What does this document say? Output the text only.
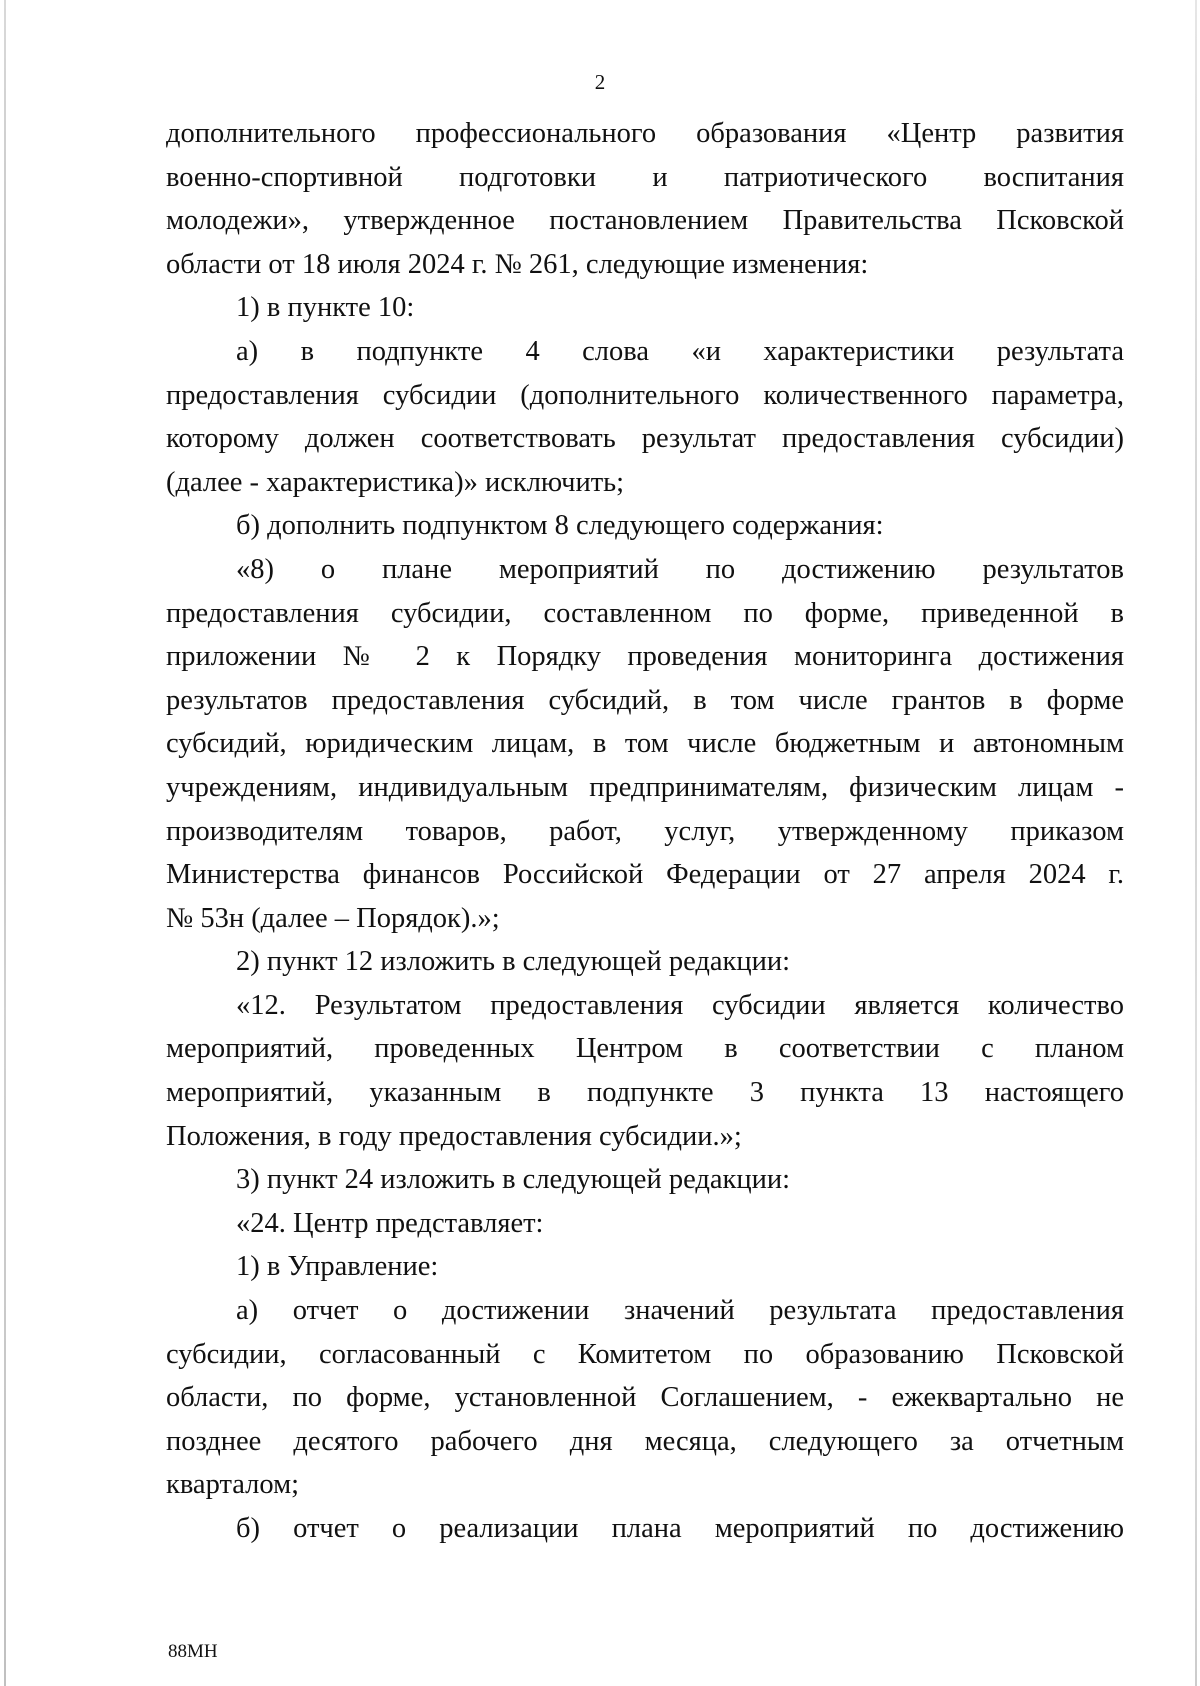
2
дополнительного профессионального образования «Центр развития
военно-спортивной подготовки и патриотического воспитания
молодежи», утвержденное постановлением Правительства Псковской
области от 18 июля 2024 г. № 261, следующие изменения:
1) в пункте 10:
а) в подпункте 4 слова «и характеристики результата
предоставления субсидии (дополнительного количественного параметра,
которому должен соответствовать результат предоставления субсидии)
(далее - характеристика)» исключить;
б) дополнить подпунктом 8 следующего содержания:
«8) о плане мероприятий по достижению результатов
предоставления субсидии, составленном по форме, приведенной в
приложении № 2 к Порядку проведения мониторинга достижения
результатов предоставления субсидий, в том числе грантов в форме
субсидий, юридическим лицам, в том числе бюджетным и автономным
учреждениям, индивидуальным предпринимателям, физическим лицам -
производителям товаров, работ, услуг, утвержденному приказом
Министерства финансов Российской Федерации от 27 апреля 2024 г.
№ 53н (далее – Порядок).»;
2) пункт 12 изложить в следующей редакции:
«12. Результатом предоставления субсидии является количество
мероприятий, проведенных Центром в соответствии с планом
мероприятий, указанным в подпункте 3 пункта 13 настоящего
Положения, в году предоставления субсидии.»;
3) пункт 24 изложить в следующей редакции:
«24. Центр представляет:
1) в Управление:
а) отчет о достижении значений результата предоставления
субсидии, согласованный с Комитетом по образованию Псковской
области, по форме, установленной Соглашением, - ежеквартально не
позднее десятого рабочего дня месяца, следующего за отчетным
кварталом;
б) отчет о реализации плана мероприятий по достижению
88МН
